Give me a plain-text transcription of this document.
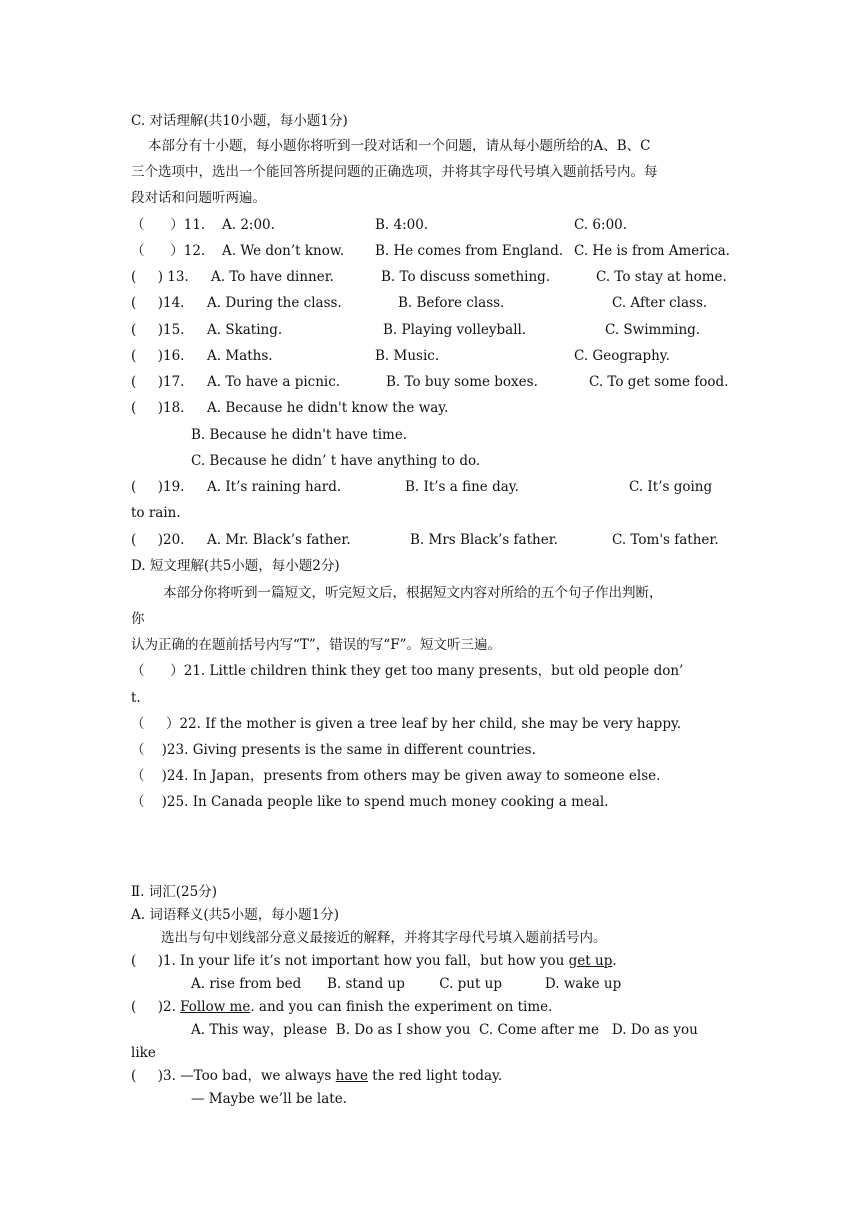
C. 对话理解(共10小题，每小题1分)
本部分有十小题，每小题你将听到一段对话和一个问题，请从每小题所给的A、B、C
三个选项中，选出一个能回答所提问题的正确选项，并将其字母代号填入题前括号内。每
段对话和问题听两遍。
（      ）11. A. 2:00.	B. 4:00.	C. 6:00.
（      ）12. A. We don’t know. B. He comes from England. C. He is from America.
(     ) 13. A. To have dinner.	B. To discuss something.	C. To stay at home.
(     )14. A. During the class.	B. Before class.	C. After class.
(     )15. A. Skating.	B. Playing volleyball.	C. Swimming.
(     )16. A. Maths.	B. Music.	C. Geography.
(     )17. A. To have a picnic.	B. To buy some boxes.	C. To get some food.
(     )18. A. Because he didn't know the way.
B. Because he didn't have time.
C. Because he didn’ t have anything to do.
(     )19. A. It’s raining hard.	B. It’s a fine day.	C. It’s going
to rain.
(     )20. A. Mr. Black’s father.	B. Mrs Black’s father.	C. Tom's father.
D. 短文理解(共5小题，每小题2分)
本部分你将听到一篇短文，听完短文后，根据短文内容对所给的五个句子作出判断，
你
认为正确的在题前括号内写“T”，错误的写“F”。短文听三遍。
（      ）21. Little children think they get too many presents，but old people don’
t.
（     ）22. If the mother is given a tree leaf by her child, she may be very happy.
（    )23. Giving presents is the same in different countries.
（    )24. In Japan，presents from others may be given away to someone else.
（    )25. In Canada people like to spend much money cooking a meal.
Ⅱ. 词汇(25分)
A. 词语释义(共5小题，每小题1分)
选出与句中划线部分意义最接近的解释，并将其字母代号填入题前括号内。
(     )1. In your life it’s not important how you fall，but how you get up.
A. rise from bed      B. stand up        C. put up          D. wake up
(     )2. Follow me. and you can finish the experiment on time.
A. This way，please  B. Do as I show you  C. Come after me   D. Do as you
like
(     )3. —Too bad，we always have the red light today.
— Maybe we’ll be late.
